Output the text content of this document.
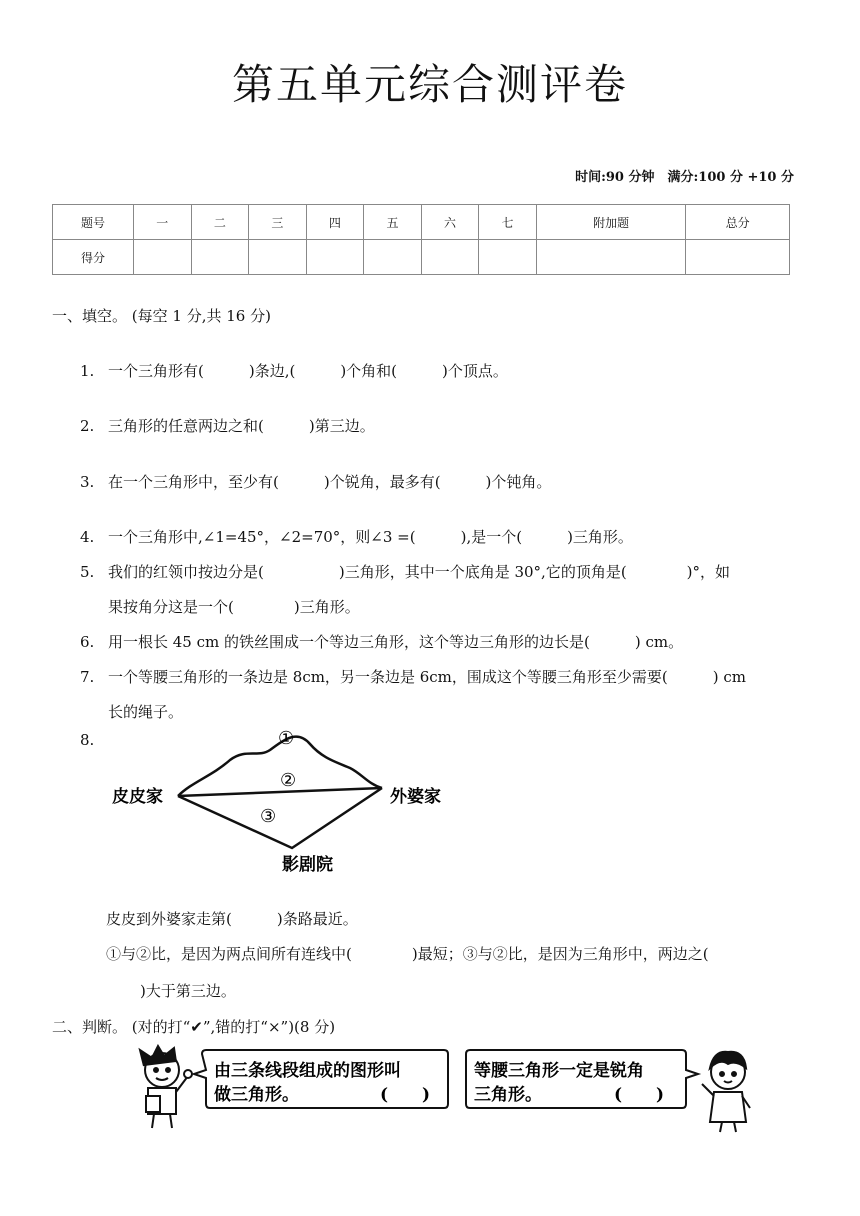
第五单元综合测评卷
时间:90 分钟　满分:100 分 +10 分
题号	一	二	三	四	五	六	七	附加题	总分
得分									
一、填空。 (每空 1 分,共 16 分)
1. 一个三角形有(　　　)条边,(　　　)个角和(　　　)个顶点。
2. 三角形的任意两边之和(　　　)第三边。
3. 在一个三角形中，至少有(　　　)个锐角，最多有(　　　)个钝角。
4. 一个三角形中,∠1=45°，∠2=70°，则∠3 =(　　　),是一个(　　　)三角形。
5. 我们的红领巾按边分是(　　　　　)三角形，其中一个底角是 30°,它的顶角是(　　　　)°，如
果按角分这是一个(　　　　)三角形。
6. 用一根长 45 cm 的铁丝围成一个等边三角形，这个等边三角形的边长是(　　　) cm。
7. 一个等腰三角形的一条边是 8cm，另一条边是 6cm，围成这个等腰三角形至少需要(　　　) cm
长的绳子。
8.	①
②
③
皮皮家	外婆家
影剧院
皮皮到外婆家走第(　　　)条路最近。
①与②比，是因为两点间所有连线中(　　　　)最短；③与②比，是因为三角形中，两边之(
)大于第三边。
二、判断。 (对的打“✔”,错的打“×”)(8 分)
由三条线段组成的图形叫
做三角形。	(　　)
等腰三角形一定是锐角
三角形。	(　　)
